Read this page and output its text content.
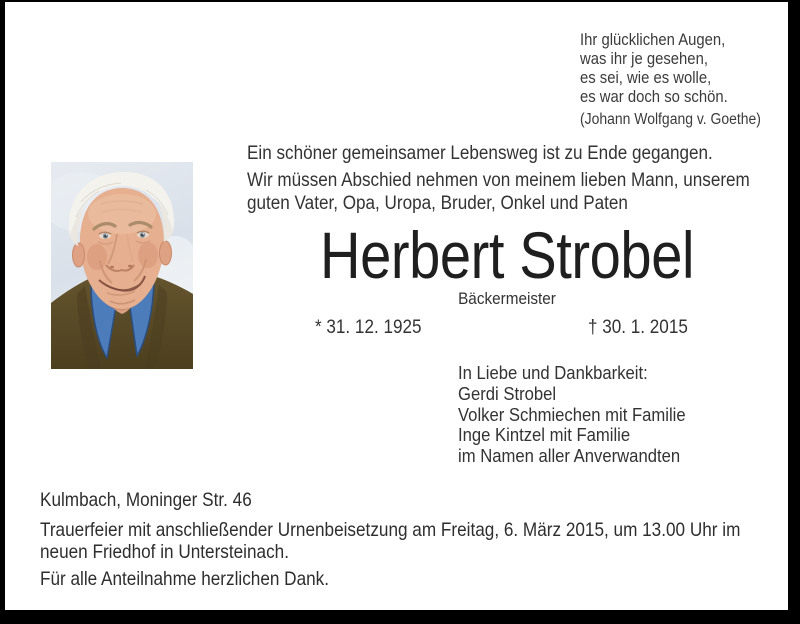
Ihr glücklichen Augen,
was ihr je gesehen,
es sei, wie es wolle,
es war doch so schön.
(Johann Wolfgang v. Goethe)
Ein schöner gemeinsamer Lebensweg ist zu Ende gegangen.
Wir müssen Abschied nehmen von meinem lieben Mann, unserem
guten Vater, Opa, Uropa, Bruder, Onkel und Paten
Herbert Strobel
Bäckermeister
* 31. 12. 1925	† 30. 1. 2015
In Liebe und Dankbarkeit:
Gerdi Strobel
Volker Schmiechen mit Familie
Inge Kintzel mit Familie
im Namen aller Anverwandten
Kulmbach, Moninger Str. 46
Trauerfeier mit anschließender Urnenbeisetzung am Freitag, 6. März 2015, um 13.00 Uhr im
neuen Friedhof in Untersteinach.
Für alle Anteilnahme herzlichen Dank.
